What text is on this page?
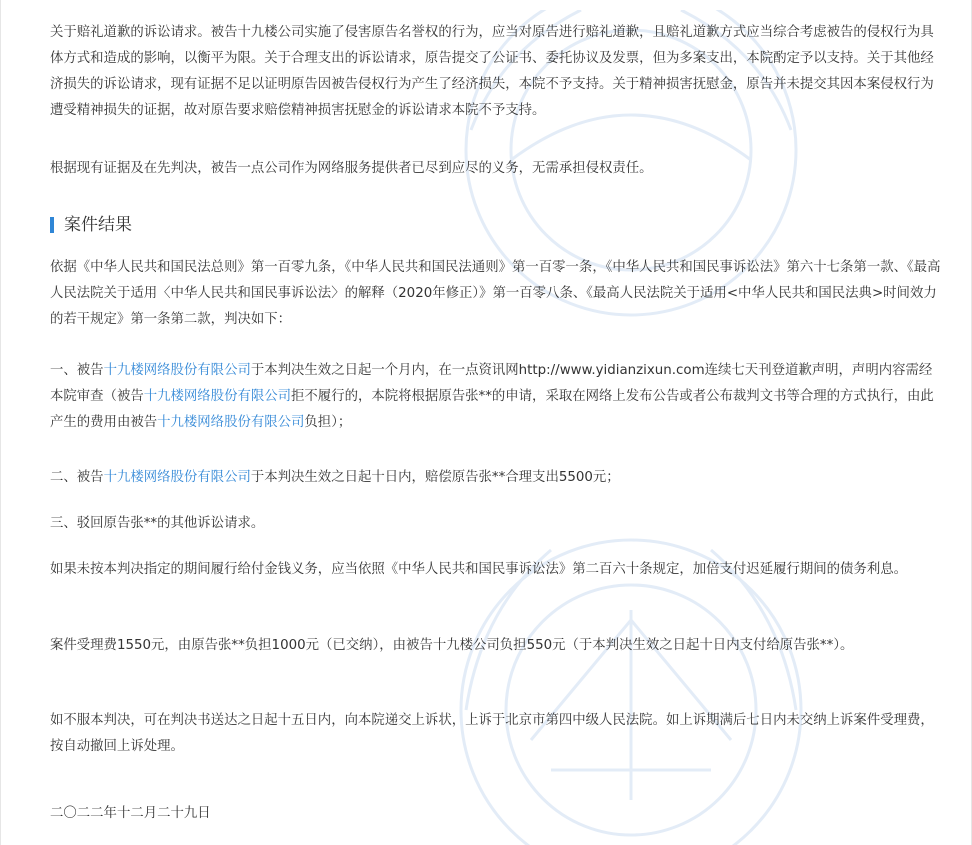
关于赔礼道歉的诉讼请求。被告十九楼公司实施了侵害原告名誉权的行为，应当对原告进行赔礼道歉，且赔礼道歉方式应当综合考虑被告的侵权行为具体方式和造成的影响，以衡平为限。关于合理支出的诉讼请求，原告提交了公证书、委托协议及发票，但为多案支出，本院酌定予以支持。关于其他经济损失的诉讼请求，现有证据不足以证明原告因被告侵权行为产生了经济损失，本院不予支持。关于精神损害抚慰金，原告并未提交其因本案侵权行为遭受精神损失的证据，故对原告要求赔偿精神损害抚慰金的诉讼请求本院不予支持。

根据现有证据及在先判决，被告一点公司作为网络服务提供者已尽到应尽的义务，无需承担侵权责任。

案件结果

依据《中华人民共和国民法总则》第一百零九条，《中华人民共和国民法通则》第一百零一条，《中华人民共和国民事诉讼法》第六十七条第一款、《最高人民法院关于适用〈中华人民共和国民事诉讼法〉的解释（2020年修正）》第一百零八条、《最高人民法院关于适用<中华人民共和国民法典>时间效力的若干规定》第一条第二款，判决如下：

一、被告十九楼网络股份有限公司于本判决生效之日起一个月内，在一点资讯网http://www.yidianzixun.com连续七天刊登道歉声明，声明内容需经本院审查（被告十九楼网络股份有限公司拒不履行的，本院将根据原告张**的申请，采取在网络上发布公告或者公布裁判文书等合理的方式执行，由此产生的费用由被告十九楼网络股份有限公司负担）；

二、被告十九楼网络股份有限公司于本判决生效之日起十日内，赔偿原告张**合理支出5500元；

三、驳回原告张**的其他诉讼请求。

如果未按本判决指定的期间履行给付金钱义务，应当依照《中华人民共和国民事诉讼法》第二百六十条规定，加倍支付迟延履行期间的债务利息。

案件受理费1550元，由原告张**负担1000元（已交纳），由被告十九楼公司负担550元（于本判决生效之日起十日内支付给原告张**）。

如不服本判决，可在判决书送达之日起十五日内，向本院递交上诉状，上诉于北京市第四中级人民法院。如上诉期满后七日内未交纳上诉案件受理费，按自动撤回上诉处理。

二〇二二年十二月二十九日
